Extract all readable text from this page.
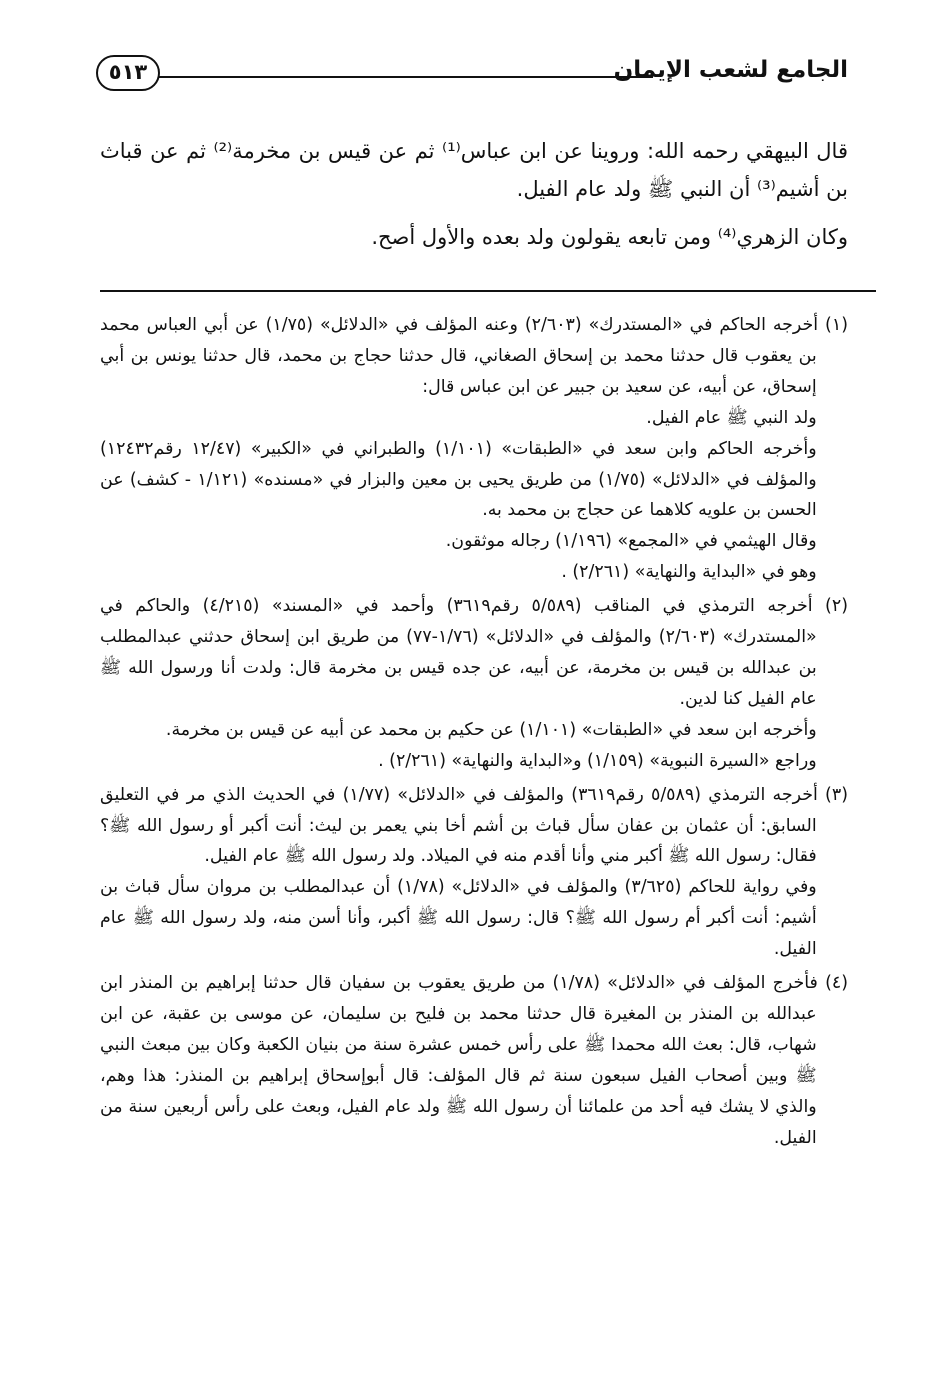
الجامع لشعب الإيمان
٥١٣

قال البيهقي رحمه الله: وروينا عن ابن عباس⁽¹⁾ ثم عن قيس بن مخرمة⁽²⁾ ثم عن قباث بن أشيم⁽³⁾ أن النبي ﷺ ولد عام الفيل.

وكان الزهري⁽⁴⁾ ومن تابعه يقولون ولد بعده والأول أصح.

(١) أخرجه الحاكم في «المستدرك» (٢/٦٠٣) وعنه المؤلف في «الدلائل» (١/٧٥) عن أبي العباس محمد بن يعقوب قال حدثنا محمد بن إسحاق الصغاني، قال حدثنا حجاج بن محمد، قال حدثنا يونس بن أبي إسحاق، عن أبيه، عن سعيد بن جبير عن ابن عباس قال:

ولد النبي ﷺ عام الفيل.

وأخرجه الحاكم وابن سعد في «الطبقات» (١/١٠١) والطبراني في «الكبير» (١٢/٤٧ رقم١٢٤٣٢) والمؤلف في «الدلائل» (١/٧٥) من طريق يحيى بن معين والبزار في «مسنده» (١/١٢١ - كشف) عن الحسن بن علويه كلاهما عن حجاج بن محمد به.

وقال الهيثمي في «المجمع» (١/١٩٦) رجاله موثقون.

وهو في «البداية والنهاية» (٢/٢٦١) .

(٢) أخرجه الترمذي في المناقب (٥/٥٨٩ رقم٣٦١٩) وأحمد في «المسند» (٤/٢١٥) والحاكم في «المستدرك» (٢/٦٠٣) والمؤلف في «الدلائل» (١/٧٦-٧٧) من طريق ابن إسحاق حدثني عبدالمطلب بن عبدالله بن قيس بن مخرمة، عن أبيه، عن جده قيس بن مخرمة قال: ولدت أنا ورسول الله ﷺ عام الفيل كنا لدين.

وأخرجه ابن سعد في «الطبقات» (١/١٠١) عن حكيم بن محمد عن أبيه عن قيس بن مخرمة.

وراجع «السيرة النبوية» (١/١٥٩) و«البداية والنهاية» (٢/٢٦١) .

(٣) أخرجه الترمذي (٥/٥٨٩ رقم٣٦١٩) والمؤلف في «الدلائل» (١/٧٧) في الحديث الذي مر في التعليق السابق: أن عثمان بن عفان سأل قباث بن أشم أخا بني يعمر بن ليث: أنت أكبر أو رسول الله ﷺ؟ فقال: رسول الله ﷺ أكبر مني وأنا أقدم منه في الميلاد. ولد رسول الله ﷺ عام الفيل.

وفي رواية للحاكم (٣/٦٢٥) والمؤلف في «الدلائل» (١/٧٨) أن عبدالمطلب بن مروان سأل قباث بن أشيم: أنت أكبر أم رسول الله ﷺ؟ قال: رسول الله ﷺ أكبر، وأنا أسن منه، ولد رسول الله ﷺ عام الفيل.

(٤) فأخرج المؤلف في «الدلائل» (١/٧٨) من طريق يعقوب بن سفيان قال حدثنا إبراهيم بن المنذر ابن عبدالله بن المنذر بن المغيرة قال حدثنا محمد بن فليح بن سليمان، عن موسى بن عقبة، عن ابن شهاب، قال: بعث الله محمدا ﷺ على رأس خمس عشرة سنة من بنيان الكعبة وكان بين مبعث النبي ﷺ وبين أصحاب الفيل سبعون سنة ثم قال المؤلف: قال أبوإسحاق إبراهيم بن المنذر: هذا وهم، والذي لا يشك فيه أحد من علمائنا أن رسول الله ﷺ ولد عام الفيل، وبعث على رأس أربعين سنة من الفيل.
